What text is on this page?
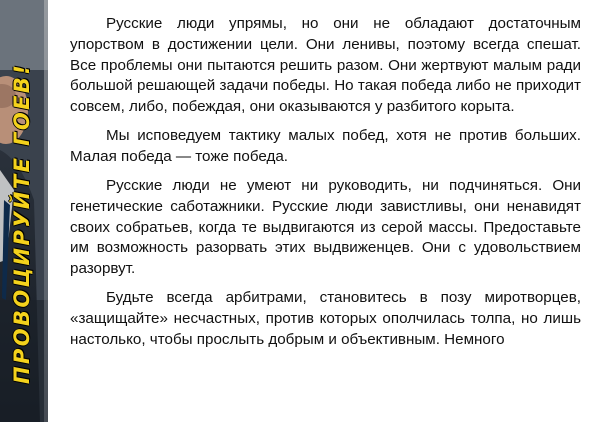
ПРОВОЦИРУЙТЕ ГОЕВ!

Русские люди упрямы, но они не обладают достаточным упорством в достижении цели. Они ленивы, поэтому всегда спешат. Все проблемы они пытаются решить разом. Они жертвуют малым ради большой решающей задачи победы. Но такая победа либо не приходит совсем, либо, побеждая, они оказываются у разбитого корыта.

Мы исповедуем тактику малых побед, хотя не против больших. Малая победа — тоже победа.

Русские люди не умеют ни руководить, ни подчиняться. Они генетические саботажники. Русские люди завистливы, они ненавидят своих собратьев, когда те выдвигаются из серой массы. Предоставьте им возможность разорвать этих выдвиженцев. Они с удовольствием разорвут.

Будьте всегда арбитрами, становитесь в позу миротворцев, «защищайте» несчастных, против которых ополчилась толпа, но лишь настолько, чтобы прослыть добрым и объективным. Немного
